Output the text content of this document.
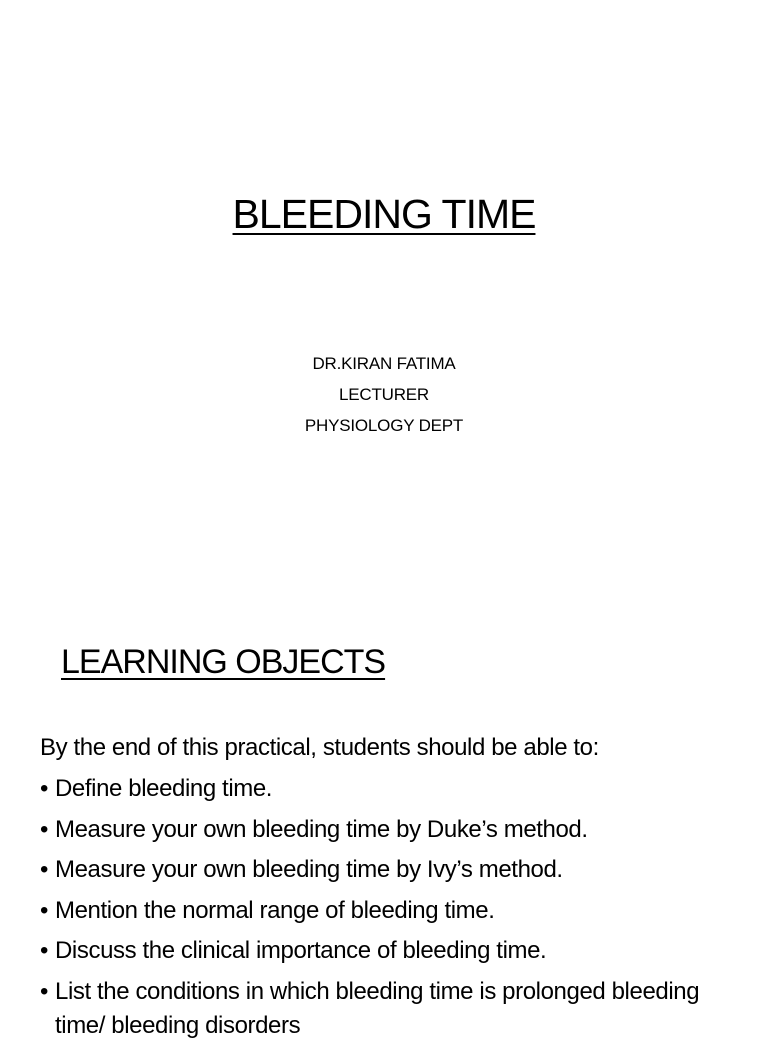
BLEEDING TIME
DR.KIRAN FATIMA
LECTURER
PHYSIOLOGY DEPT
LEARNING OBJECTS
By the end of this practical, students should be able to:
• Define bleeding time.
• Measure your own bleeding time by Duke’s method.
• Measure your own bleeding time by Ivy’s method.
• Mention the normal range of bleeding time.
• Discuss the clinical importance of bleeding time.
• List the conditions in which bleeding time is prolonged bleeding time/ bleeding disorders
